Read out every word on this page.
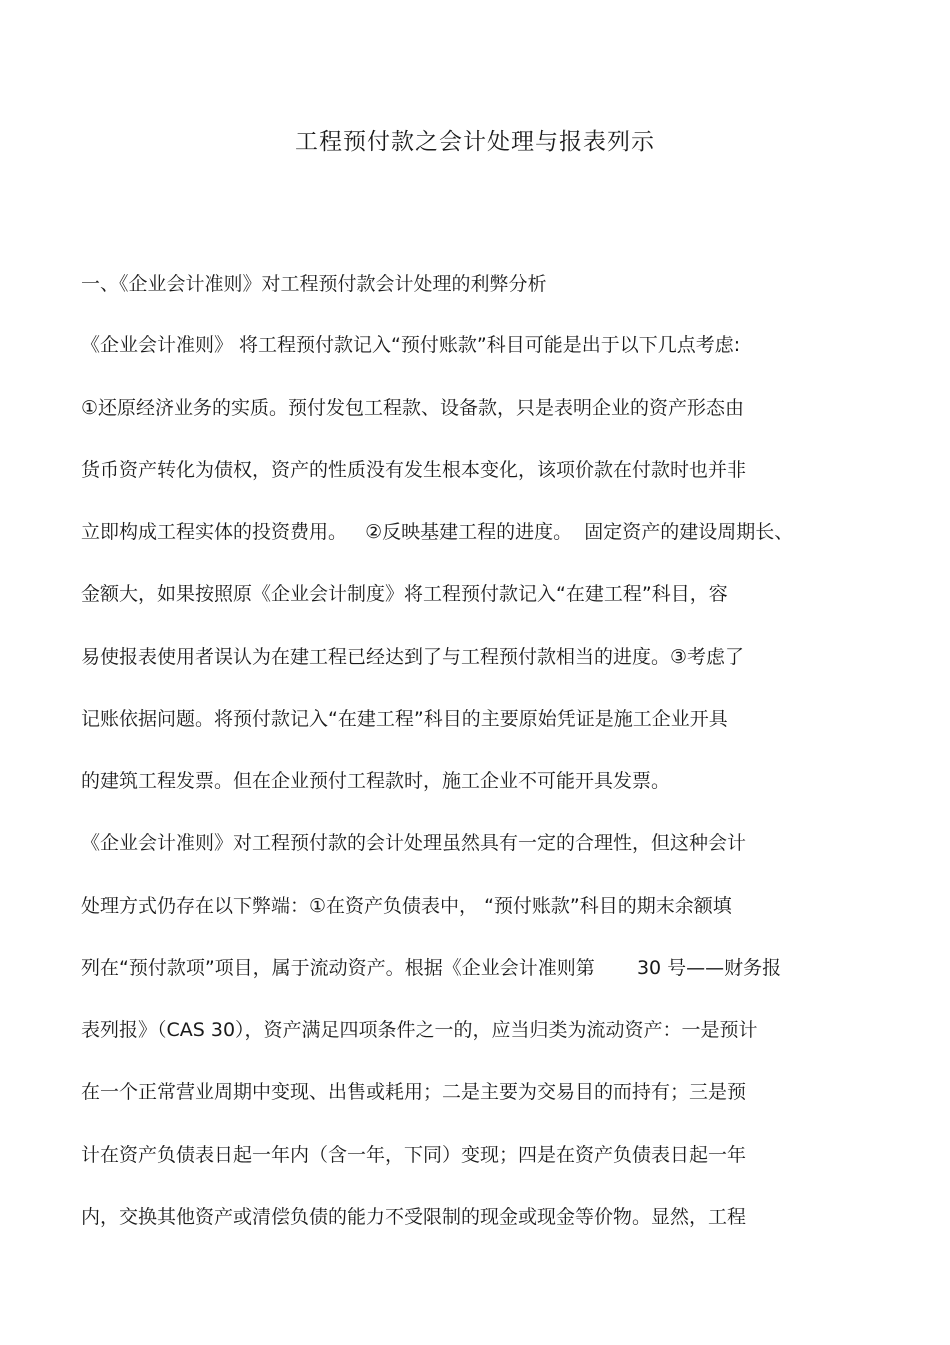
工程预付款之会计处理与报表列示
一、《企业会计准则》对工程预付款会计处理的利弊分析
《企业会计准则》 将工程预付款记入“预付账款”科目可能是出于以下几点考虑:
①还原经济业务的实质。预付发包工程款、设备款，只是表明企业的资产形态由
货币资产转化为债权，资产的性质没有发生根本变化，该项价款在付款时也并非
立即构成工程实体的投资费用。   ②反映基建工程的进度。  固定资产的建设周期长、
金额大，如果按照原《企业会计制度》将工程预付款记入“在建工程”科目，容
易使报表使用者误认为在建工程已经达到了与工程预付款相当的进度。③考虑了
记账依据问题。将预付款记入“在建工程”科目的主要原始凭证是施工企业开具
的建筑工程发票。但在企业预付工程款时，施工企业不可能开具发票。
《企业会计准则》对工程预付款的会计处理虽然具有一定的合理性，但这种会计
处理方式仍存在以下弊端：①在资产负债表中， “预付账款”科目的期末余额填
列在“预付款项”项目，属于流动资产。根据《企业会计准则第       30 号——财务报
表列报》（CAS 30），资产满足四项条件之一的，应当归类为流动资产：一是预计
在一个正常营业周期中变现、出售或耗用；二是主要为交易目的而持有；三是预
计在资产负债表日起一年内（含一年，下同）变现；四是在资产负债表日起一年
内，交换其他资产或清偿负债的能力不受限制的现金或现金等价物。显然，工程
